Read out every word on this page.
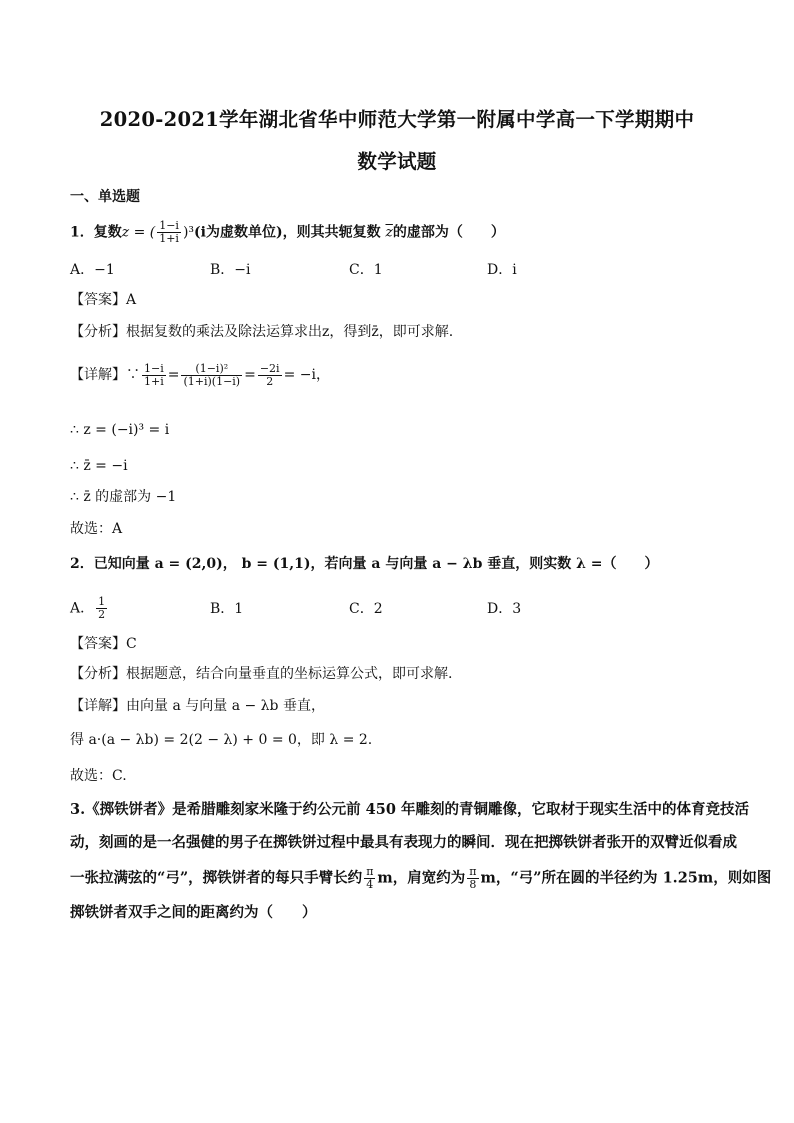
2020-2021学年湖北省华中师范大学第一附属中学高一下学期期中
数学试题
一、单选题
1．复数z = ( $\frac{1-i}{1+i} )^3(i$为虚数单位)，则其共轭复数 $\overline{z}$的虚部为（　　）
A．−1	B．−i	C．1	D．i
【答案】A
【分析】根据复数的乘法及除法运算求出z，得到z̄，即可求解.
【详解】∵ $\frac{1-i}{1+i} = \frac{\text{(1−i)²}}{(1+i)(1-i)} = \frac{-2i}{2} = -i$，
∴ z = (−i)³ = i
∴ z̄ = −i
∴ z̄ 的虚部为 −1
故选：A
2．已知向量 a = (2,0)， b = (1,1)，若向量 a 与向量 a − λb 垂直，则实数 λ =（　　）
A． $\frac{1}{2}$	B．1	C．2	D．3
【答案】C
【分析】根据题意，结合向量垂直的坐标运算公式，即可求解.
【详解】由向量 a 与向量 a − λb 垂直，
得 a·(a − λb) = 2(2 − λ) + 0 = 0，即 λ = 2.
故选：C.
3.《掷铁饼者》是希腊雕刻家米隆于约公元前 450 年雕刻的青铜雕像，它取材于现实生活中的体育竞技活
动，刻画的是一名强健的男子在掷铁饼过程中最具有表现力的瞬间．现在把掷铁饼者张开的双臂近似看成
一张拉满弦的“弓”，掷铁饼者的每只手臂长约 $\frac{\pi}{4}$ m，肩宽约为 $\frac{\pi}{8}$ m，“弓”所在圆的半径约为 1.25m，则如图
掷铁饼者双手之间的距离约为（　　）
